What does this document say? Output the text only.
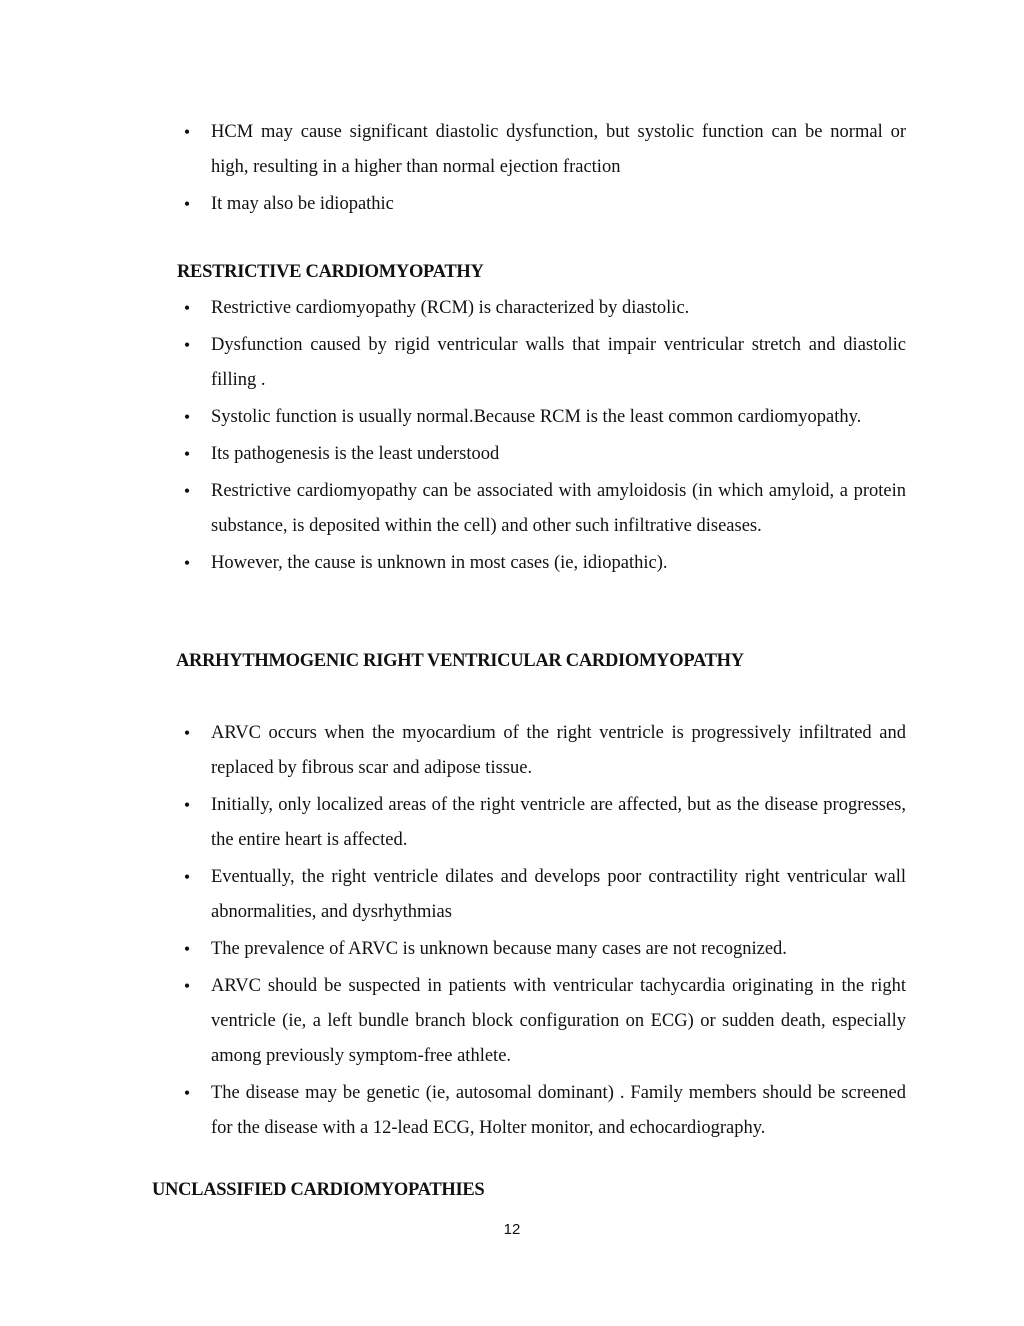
• HCM may cause significant diastolic dysfunction, but systolic function can be normal or high, resulting in a higher than normal ejection fraction
• It may also be idiopathic
RESTRICTIVE CARDIOMYOPATHY
• Restrictive cardiomyopathy (RCM) is characterized by diastolic.
• Dysfunction caused by rigid ventricular walls that impair ventricular stretch and diastolic filling .
• Systolic function is usually normal.Because RCM is the least common cardiomyopathy.
• Its pathogenesis is the least understood
• Restrictive cardiomyopathy can be associated with amyloidosis (in which amyloid, a protein substance, is deposited within the cell) and other such infiltrative diseases.
• However, the cause is unknown in most cases (ie, idiopathic).
ARRHYTHMOGENIC RIGHT VENTRICULAR CARDIOMYOPATHY
• ARVC occurs when the myocardium of the right ventricle is progressively infiltrated and replaced by fibrous scar and adipose tissue.
• Initially, only localized areas of the right ventricle are affected, but as the disease progresses, the entire heart is affected.
• Eventually, the right ventricle dilates and develops poor contractility right ventricular wall abnormalities, and dysrhythmias
• The prevalence of ARVC is unknown because many cases are not recognized.
• ARVC should be suspected in patients with ventricular tachycardia originating in the right ventricle (ie, a left bundle branch block configuration on ECG) or sudden death, especially among previously symptom-free athlete.
• The disease may be genetic (ie, autosomal dominant) . Family members should be screened for the disease with a 12-lead ECG, Holter monitor, and echocardiography.
UNCLASSIFIED CARDIOMYOPATHIES
12
